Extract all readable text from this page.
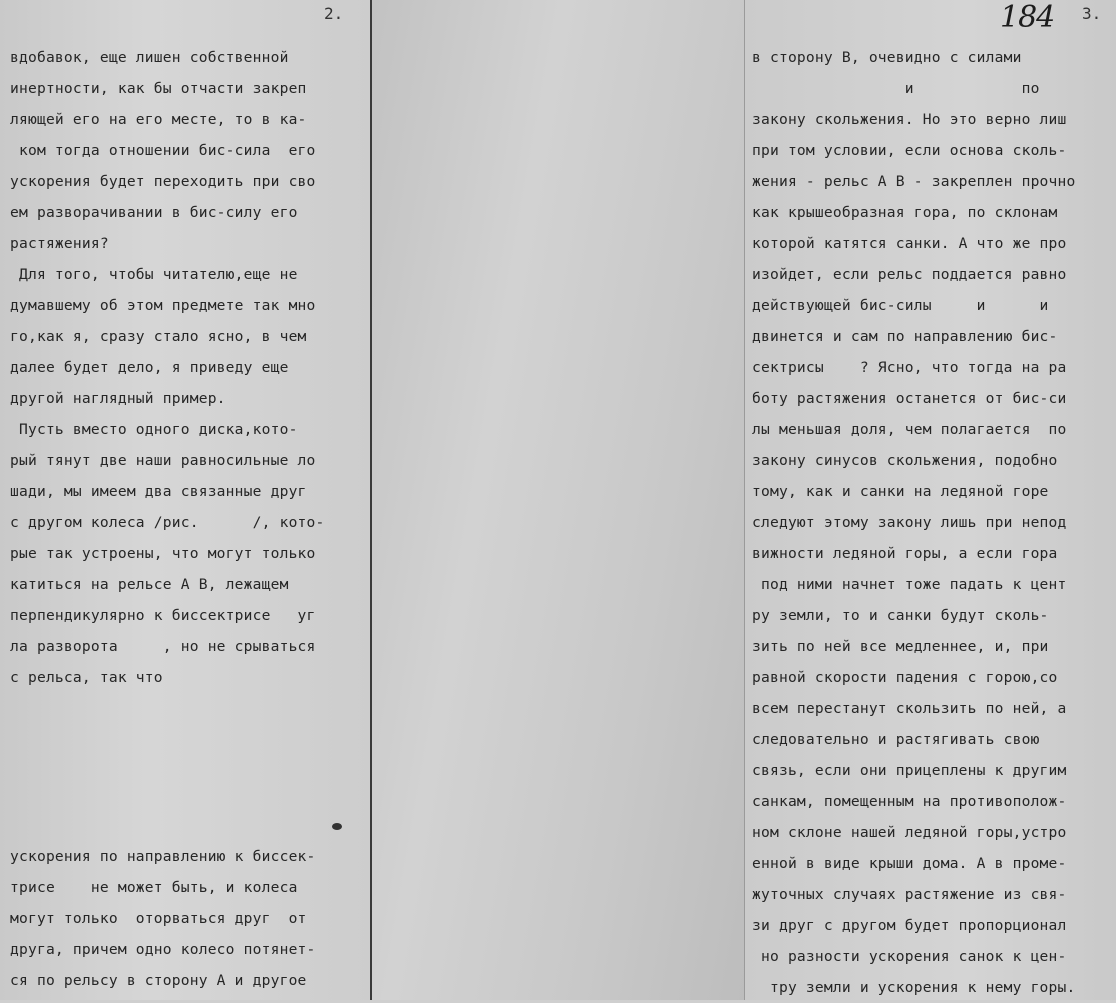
2.	3.
184
вдобавок, еще лишен собственной
инертности, как бы отчасти закреп
ляющей его на его месте, то в ка-
ком тогда отношении бис-сила  его
ускорения будет переходить при сво
ем разворачивании в бис-силу его
растяжения?
Для того, чтобы читателю,еще не
думавшему об этом предмете так мно
го,как я, сразу стало ясно, в чем
далее будет дело, я приведу еще
другой наглядный пример.
Пусть вместо одного диска,кото-
рый тянут две наши равносильные ло
шади, мы имеем два связанные друг
с другом колеса /рис.      /, кото-
рые так устроены, что могут только
катиться на рельсе А В, лежащем
перпендикулярно к биссектрисе   уг
ла разворота     , но не срываться
с рельса, так что
ускорения по направлению к биссек-
трисе    не может быть, и колеса
могут только  оторваться друг  от
друга, причем одно колесо потянет-
ся по рельсу в сторону А и другое
в сторону В, очевидно с силами
и            по
закону скольжения. Но это верно лиш
при том условии, если основа сколь-
жения - рельс А В - закреплен прочно
как крышеобразная гора, по склонам
которой катятся санки. А что же про
изойдет, если рельс поддается равно
действующей бис-силы     и      и
двинется и сам по направлению бис-
сектрисы    ? Ясно, что тогда на ра
боту растяжения останется от бис-си
лы меньшая доля, чем полагается  по
закону синусов скольжения, подобно
тому, как и санки на ледяной горе
следуют этому закону лишь при непод
вижности ледяной горы, а если гора
под ними начнет тоже падать к цент
ру земли, то и санки будут сколь-
зить по ней все медленнее, и, при
равной скорости падения с горою,со
всем перестанут скользить по ней, а
следовательно и растягивать свою
связь, если они прицеплены к другим
санкам, помещенным на противополож-
ном склоне нашей ледяной горы,устро
енной в виде крыши дома. А в проме-
жуточных случаях растяжение из свя-
зи друг с другом будет пропорционал
но разности ускорения санок к цен-
тру земли и ускорения к нему горы.
